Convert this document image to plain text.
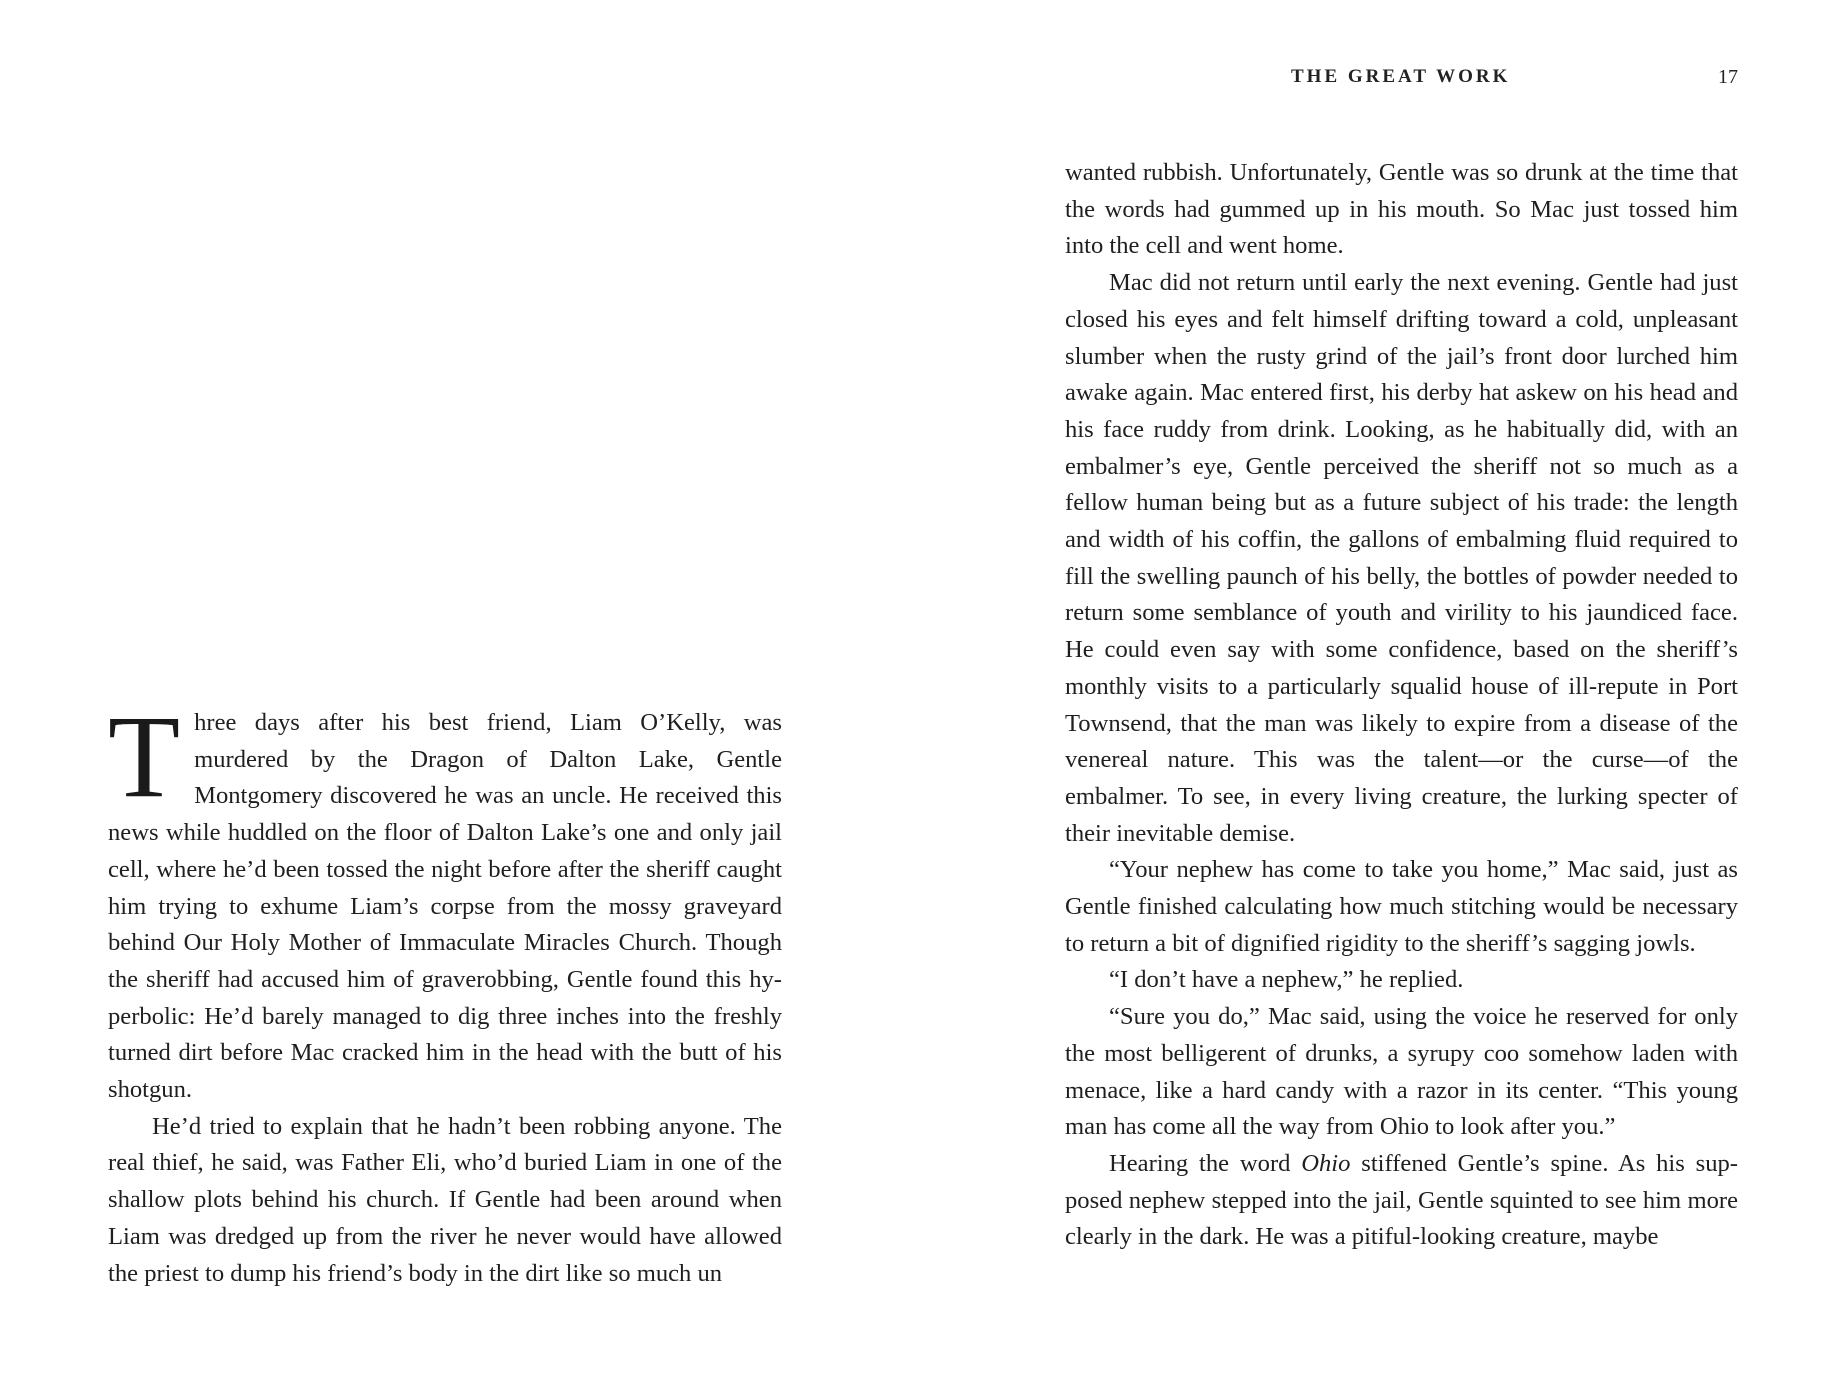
Three days after his best friend, Liam O’Kelly, was murdered by the Dragon of Dalton Lake, Gentle Montgomery discovered he was an uncle. He received this news while huddled on the floor of Dalton Lake’s one and only jail cell, where he’d been tossed the night before after the sheriff caught him trying to exhume Liam’s corpse from the mossy graveyard behind Our Holy Mother of Immaculate Miracles Church. Though the sheriff had accused him of graverobbing, Gentle found this hyperbolic: He’d barely managed to dig three inches into the freshly turned dirt before Mac cracked him in the head with the butt of his shotgun.

He’d tried to explain that he hadn’t been robbing anyone. The real thief, he said, was Father Eli, who’d buried Liam in one of the shallow plots behind his church. If Gentle had been around when Liam was dredged up from the river he never would have allowed the priest to dump his friend’s body in the dirt like so much un

THE GREAT WORK	17

wanted rubbish. Unfortunately, Gentle was so drunk at the time that the words had gummed up in his mouth. So Mac just tossed him into the cell and went home.

Mac did not return until early the next evening. Gentle had just closed his eyes and felt himself drifting toward a cold, unpleasant slumber when the rusty grind of the jail’s front door lurched him awake again. Mac entered first, his derby hat askew on his head and his face ruddy from drink. Looking, as he habitually did, with an embalmer’s eye, Gentle perceived the sheriff not so much as a fellow human being but as a future subject of his trade: the length and width of his coffin, the gallons of embalming fluid required to fill the swelling paunch of his belly, the bottles of powder needed to return some semblance of youth and virility to his jaundiced face. He could even say with some confidence, based on the sheriff’s monthly visits to a particularly squalid house of ill-repute in Port Townsend, that the man was likely to expire from a disease of the venereal nature. This was the talent—or the curse—of the embalmer. To see, in every living creature, the lurking specter of their inevitable demise.

“Your nephew has come to take you home,” Mac said, just as Gentle finished calculating how much stitching would be necessary to return a bit of dignified rigidity to the sheriff’s sagging jowls.

“I don’t have a nephew,” he replied.

“Sure you do,” Mac said, using the voice he reserved for only the most belligerent of drunks, a syrupy coo somehow laden with menace, like a hard candy with a razor in its center. “This young man has come all the way from Ohio to look after you.”

Hearing the word Ohio stiffened Gentle’s spine. As his supposed nephew stepped into the jail, Gentle squinted to see him more clearly in the dark. He was a pitiful-looking creature, maybe
